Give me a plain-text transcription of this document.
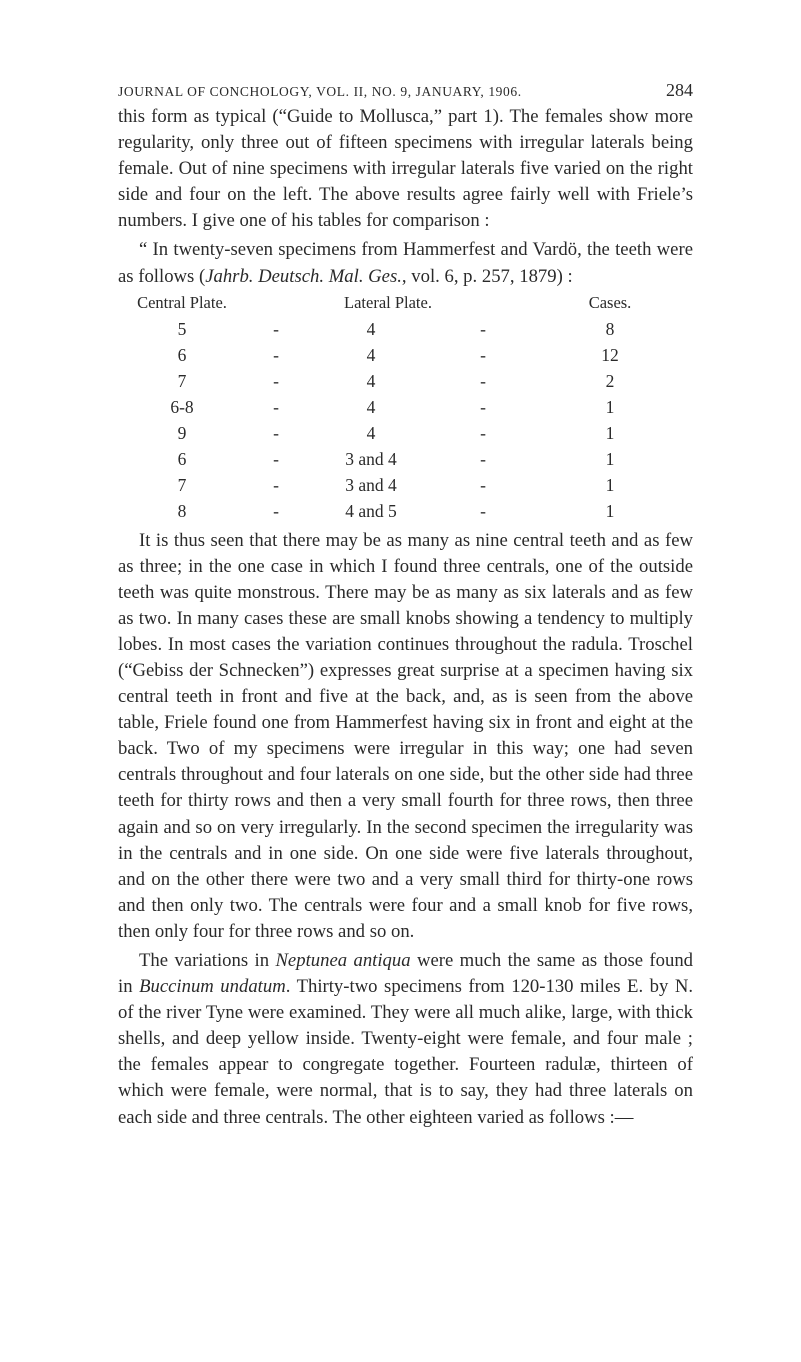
JOURNAL OF CONCHOLOGY, VOL. II, NO. 9, JANUARY, 1906.	284

this form as typical (“Guide to Mollusca,” part 1). The females show more regularity, only three out of fifteen specimens with irregular laterals being female. Out of nine specimens with irregular laterals five varied on the right side and four on the left. The above results agree fairly well with Friele’s numbers. I give one of his tables for comparison :

“ In twenty-seven specimens from Hammerfest and Vardö, the teeth were as follows (Jahrb. Deutsch. Mal. Ges., vol. 6, p. 257, 1879) :

Central Plate.	Lateral Plate.			Cases.
5	-	4	-	8
6	-	4	-	12
7	-	4	-	2
6-8	-	4	-	1
9	-	4	-	1
6	-	3 and 4	-	1
7	-	3 and 4	-	1
8	-	4 and 5	-	1

It is thus seen that there may be as many as nine central teeth and as few as three; in the one case in which I found three centrals, one of the outside teeth was quite monstrous. There may be as many as six laterals and as few as two. In many cases these are small knobs showing a tendency to multiply lobes. In most cases the variation continues throughout the radula. Troschel (“Gebiss der Schnecken”) expresses great surprise at a specimen having six central teeth in front and five at the back, and, as is seen from the above table, Friele found one from Hammerfest having six in front and eight at the back. Two of my specimens were irregular in this way; one had seven centrals throughout and four laterals on one side, but the other side had three teeth for thirty rows and then a very small fourth for three rows, then three again and so on very irregularly. In the second specimen the irregularity was in the centrals and in one side. On one side were five laterals throughout, and on the other there were two and a very small third for thirty-one rows and then only two. The centrals were four and a small knob for five rows, then only four for three rows and so on.

The variations in Neptunea antiqua were much the same as those found in Buccinum undatum. Thirty-two specimens from 120-130 miles E. by N. of the river Tyne were examined. They were all much alike, large, with thick shells, and deep yellow inside. Twenty-eight were female, and four male ; the females appear to congregate together. Fourteen radulæ, thirteen of which were female, were normal, that is to say, they had three laterals on each side and three centrals. The other eighteen varied as follows :—
